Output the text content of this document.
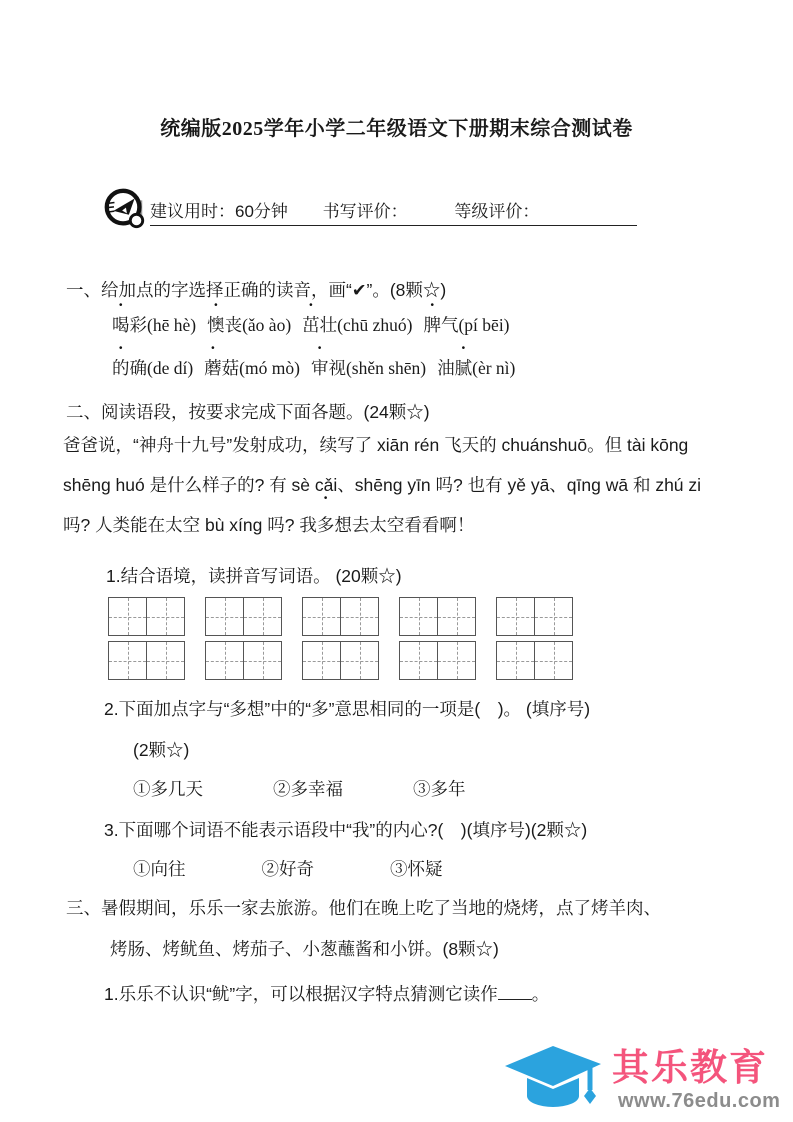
统编版2025学年小学二年级语文下册期末综合测试卷
建议用时：60分钟 书写评价：	等级评价：
一、给加点的字选择正确的读音，画“✔”。(8颗☆)
喝彩(hē hè) 懊丧(ǎo ào) 茁壮(chū zhuó) 脾气(pí bēi)
的确(de dí) 蘑菇(mó mò) 审视(shěn shēn) 油腻(èr nì)
二、阅读语段，按要求完成下面各题。(24颗☆)
爸爸说，“神舟十九号”发射成功，续写了 xiān rén 飞天的 chuánshuō。但 tài kōng
shēng huó 是什么样子的? 有 sè cǎi、shēng yīn 吗? 也有 yě yā、qīng wā 和 zhú zi
吗? 人类能在太空 bù xíng 吗? 我多想去太空看看啊！
1.结合语境，读拼音写词语。 (20颗☆)
2.下面加点字与“多想”中的“多”意思相同的一项是(　)。 (填序号)
(2颗☆)
①多几天	②多幸福	③多年
3.下面哪个词语不能表示语段中“我”的内心?(　)(填序号)(2颗☆)
①向往	②好奇	③怀疑
三、暑假期间，乐乐一家去旅游。他们在晚上吃了当地的烧烤，点了烤羊肉、
烤肠、烤鱿鱼、烤茄子、小葱蘸酱和小饼。(8颗☆)
1.乐乐不认识“鱿”字，可以根据汉字特点猜测它读作 。
其乐教育
www.76edu.com
